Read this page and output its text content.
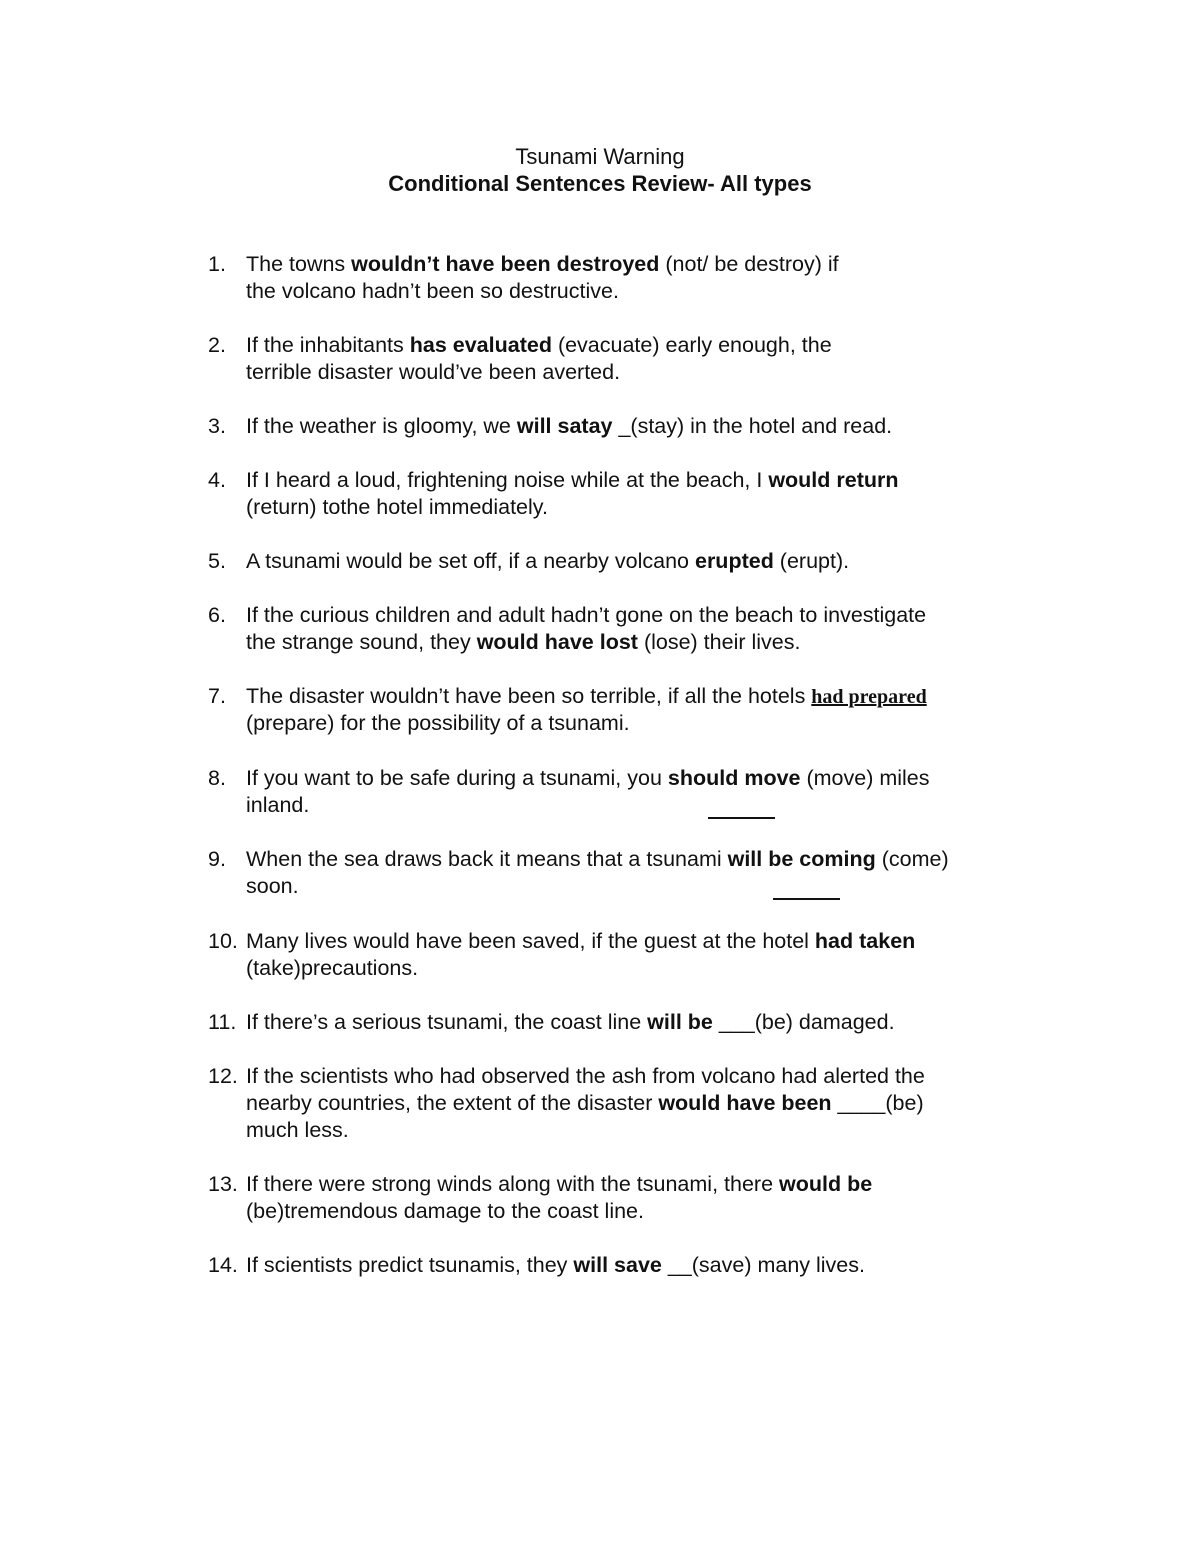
Tsunami Warning
Conditional Sentences Review- All types
1. The towns wouldn’t have been destroyed (not/ be destroy) if
the volcano hadn’t been so destructive.
2. If the inhabitants has evaluated (evacuate) early enough, the
terrible disaster would’ve been averted.
3. If the weather is gloomy, we will satay _(stay) in the hotel and read.
4. If I heard a loud, frightening noise while at the beach, I would return
(return) tothe hotel immediately.
5. A tsunami would be set off, if a nearby volcano erupted (erupt).
6. If the curious children and adult hadn’t gone on the beach to investigate
the strange sound, they would have lost (lose) their lives.
7. The disaster wouldn’t have been so terrible, if all the hotels had prepared
(prepare) for the possibility of a tsunami.
8. If you want to be safe during a tsunami, you should move (move) miles
inland.
9. When the sea draws back it means that a tsunami will be coming (come)
soon.
10. Many lives would have been saved, if the guest at the hotel had taken
(take)precautions.
11. If there’s a serious tsunami, the coast line will be ___(be) damaged.
12. If the scientists who had observed the ash from volcano had alerted the
nearby countries, the extent of the disaster would have been ____(be)
much less.
13. If there were strong winds along with the tsunami, there would be
(be)tremendous damage to the coast line.
14. If scientists predict tsunamis, they will save __(save) many lives.
